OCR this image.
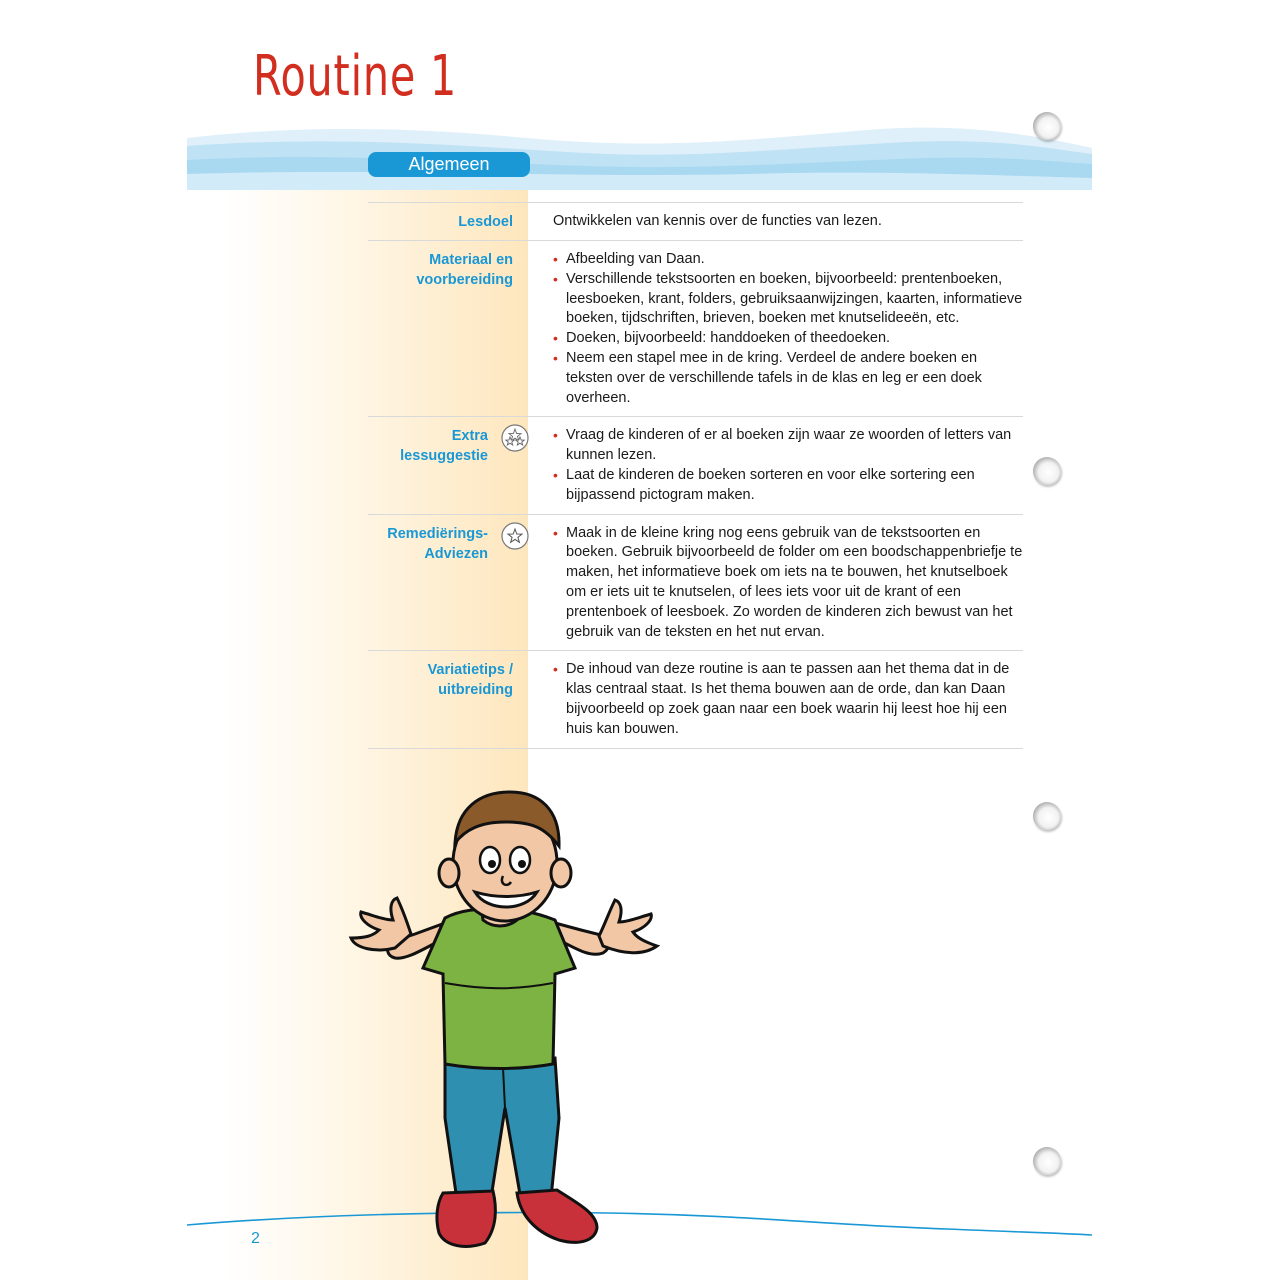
Routine 1
Algemeen
Lesdoel	Ontwikkelen van kennis over de functies van lezen.

Materiaal en
voorbereiding
• Afbeelding van Daan.
• Verschillende tekstsoorten en boeken, bijvoorbeeld: prentenboeken, leesboeken, krant, folders, gebruiksaanwijzingen, kaarten, informatieve boeken, tijdschriften, brieven, boeken met knutselideeën, etc.
• Doeken, bijvoorbeeld: handdoeken of theedoeken.
• Neem een stapel mee in de kring. Verdeel de andere boeken en teksten over de verschillende tafels in de klas en leg er een doek overheen.
Extra
lessuggestie
• Vraag de kinderen of er al boeken zijn waar ze woorden of letters van kunnen lezen.
• Laat de kinderen de boeken sorteren en voor elke sortering een bijpassend pictogram maken.
Remediërings-
Adviezen
• Maak in de kleine kring nog eens gebruik van de tekstsoorten en boeken. Gebruik bijvoorbeeld de folder om een boodschappenbriefje te maken, het informatieve boek om iets na te bouwen, het knutselboek om er iets uit te knutselen, of lees iets voor uit de krant of een prentenboek of leesboek. Zo worden de kinderen zich bewust van het gebruik van de teksten en het nut ervan.
Variatietips /
uitbreiding
• De inhoud van deze routine is aan te passen aan het thema dat in de klas centraal staat. Is het thema bouwen aan de orde, dan kan Daan bijvoorbeeld op zoek gaan naar een boek waarin hij leest hoe hij een huis kan bouwen.
2
